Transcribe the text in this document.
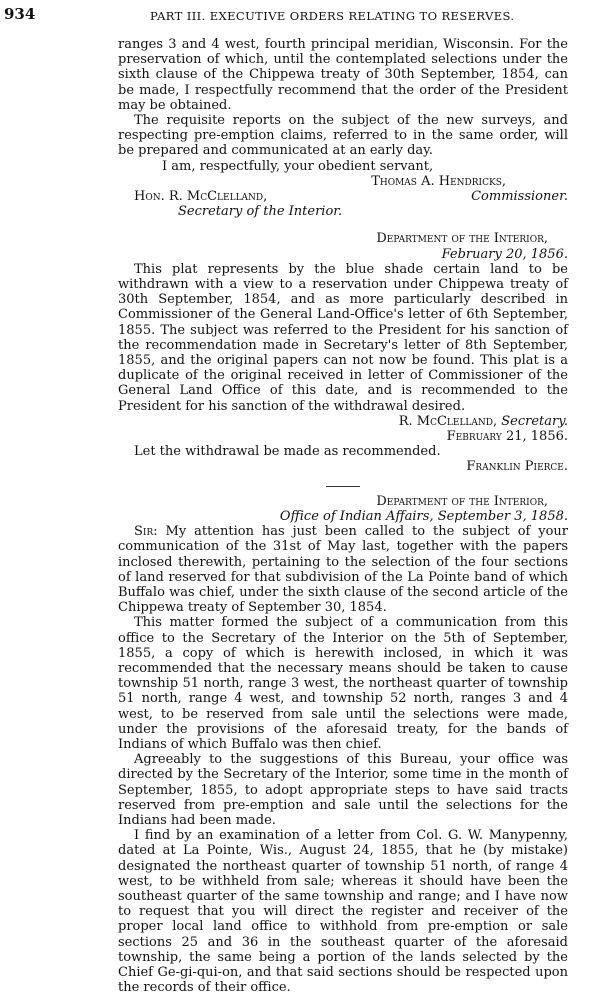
934	PART III. EXECUTIVE ORDERS RELATING TO RESERVES.

ranges 3 and 4 west, fourth principal meridian, Wisconsin. For the preservation of which, until the contemplated selections under the sixth clause of the Chippewa treaty of 30th September, 1854, can be made, I respectfully recommend that the order of the President may be obtained.

The requisite reports on the subject of the new surveys, and respecting pre-emption claims, referred to in the same order, will be prepared and communicated at an early day.

I am, respectfully, your obedient servant,

Thomas A. Hendricks,

Hon. R. McClelland,	Commissioner.

Secretary of the Interior.

Department of the Interior,

February 20, 1856.

This plat represents by the blue shade certain land to be withdrawn with a view to a reservation under Chippewa treaty of 30th September, 1854, and as more particularly described in Commissioner of the General Land-Office's letter of 6th September, 1855. The subject was referred to the President for his sanction of the recommendation made in Secretary's letter of 8th September, 1855, and the original papers can not now be found. This plat is a duplicate of the original received in letter of Commissioner of the General Land Office of this date, and is recommended to the President for his sanction of the withdrawal desired.

R. McClelland, Secretary.

February 21, 1856.

Let the withdrawal be made as recommended.

Franklin Pierce.

Department of the Interior,

Office of Indian Affairs, September 3, 1858.

Sir: My attention has just been called to the subject of your communication of the 31st of May last, together with the papers inclosed therewith, pertaining to the selection of the four sections of land reserved for that subdivision of the La Pointe band of which Buffalo was chief, under the sixth clause of the second article of the Chippewa treaty of September 30, 1854.

This matter formed the subject of a communication from this office to the Secretary of the Interior on the 5th of September, 1855, a copy of which is herewith inclosed, in which it was recommended that the necessary means should be taken to cause township 51 north, range 3 west, the northeast quarter of township 51 north, range 4 west, and township 52 north, ranges 3 and 4 west, to be reserved from sale until the selections were made, under the provisions of the aforesaid treaty, for the bands of Indians of which Buffalo was then chief.

Agreeably to the suggestions of this Bureau, your office was directed by the Secretary of the Interior, some time in the month of September, 1855, to adopt appropriate steps to have said tracts reserved from pre-emption and sale until the selections for the Indians had been made.

I find by an examination of a letter from Col. G. W. Manypenny, dated at La Pointe, Wis., August 24, 1855, that he (by mistake) designated the northeast quarter of township 51 north, of range 4 west, to be withheld from sale; whereas it should have been the southeast quarter of the same township and range; and I have now to request that you will direct the register and receiver of the proper local land office to withhold from pre-emption or sale sections 25 and 36 in the southeast quarter of the aforesaid township, the same being a portion of the lands selected by the Chief Ge-gi-qui-on, and that said sections should be respected upon the records of their office.
